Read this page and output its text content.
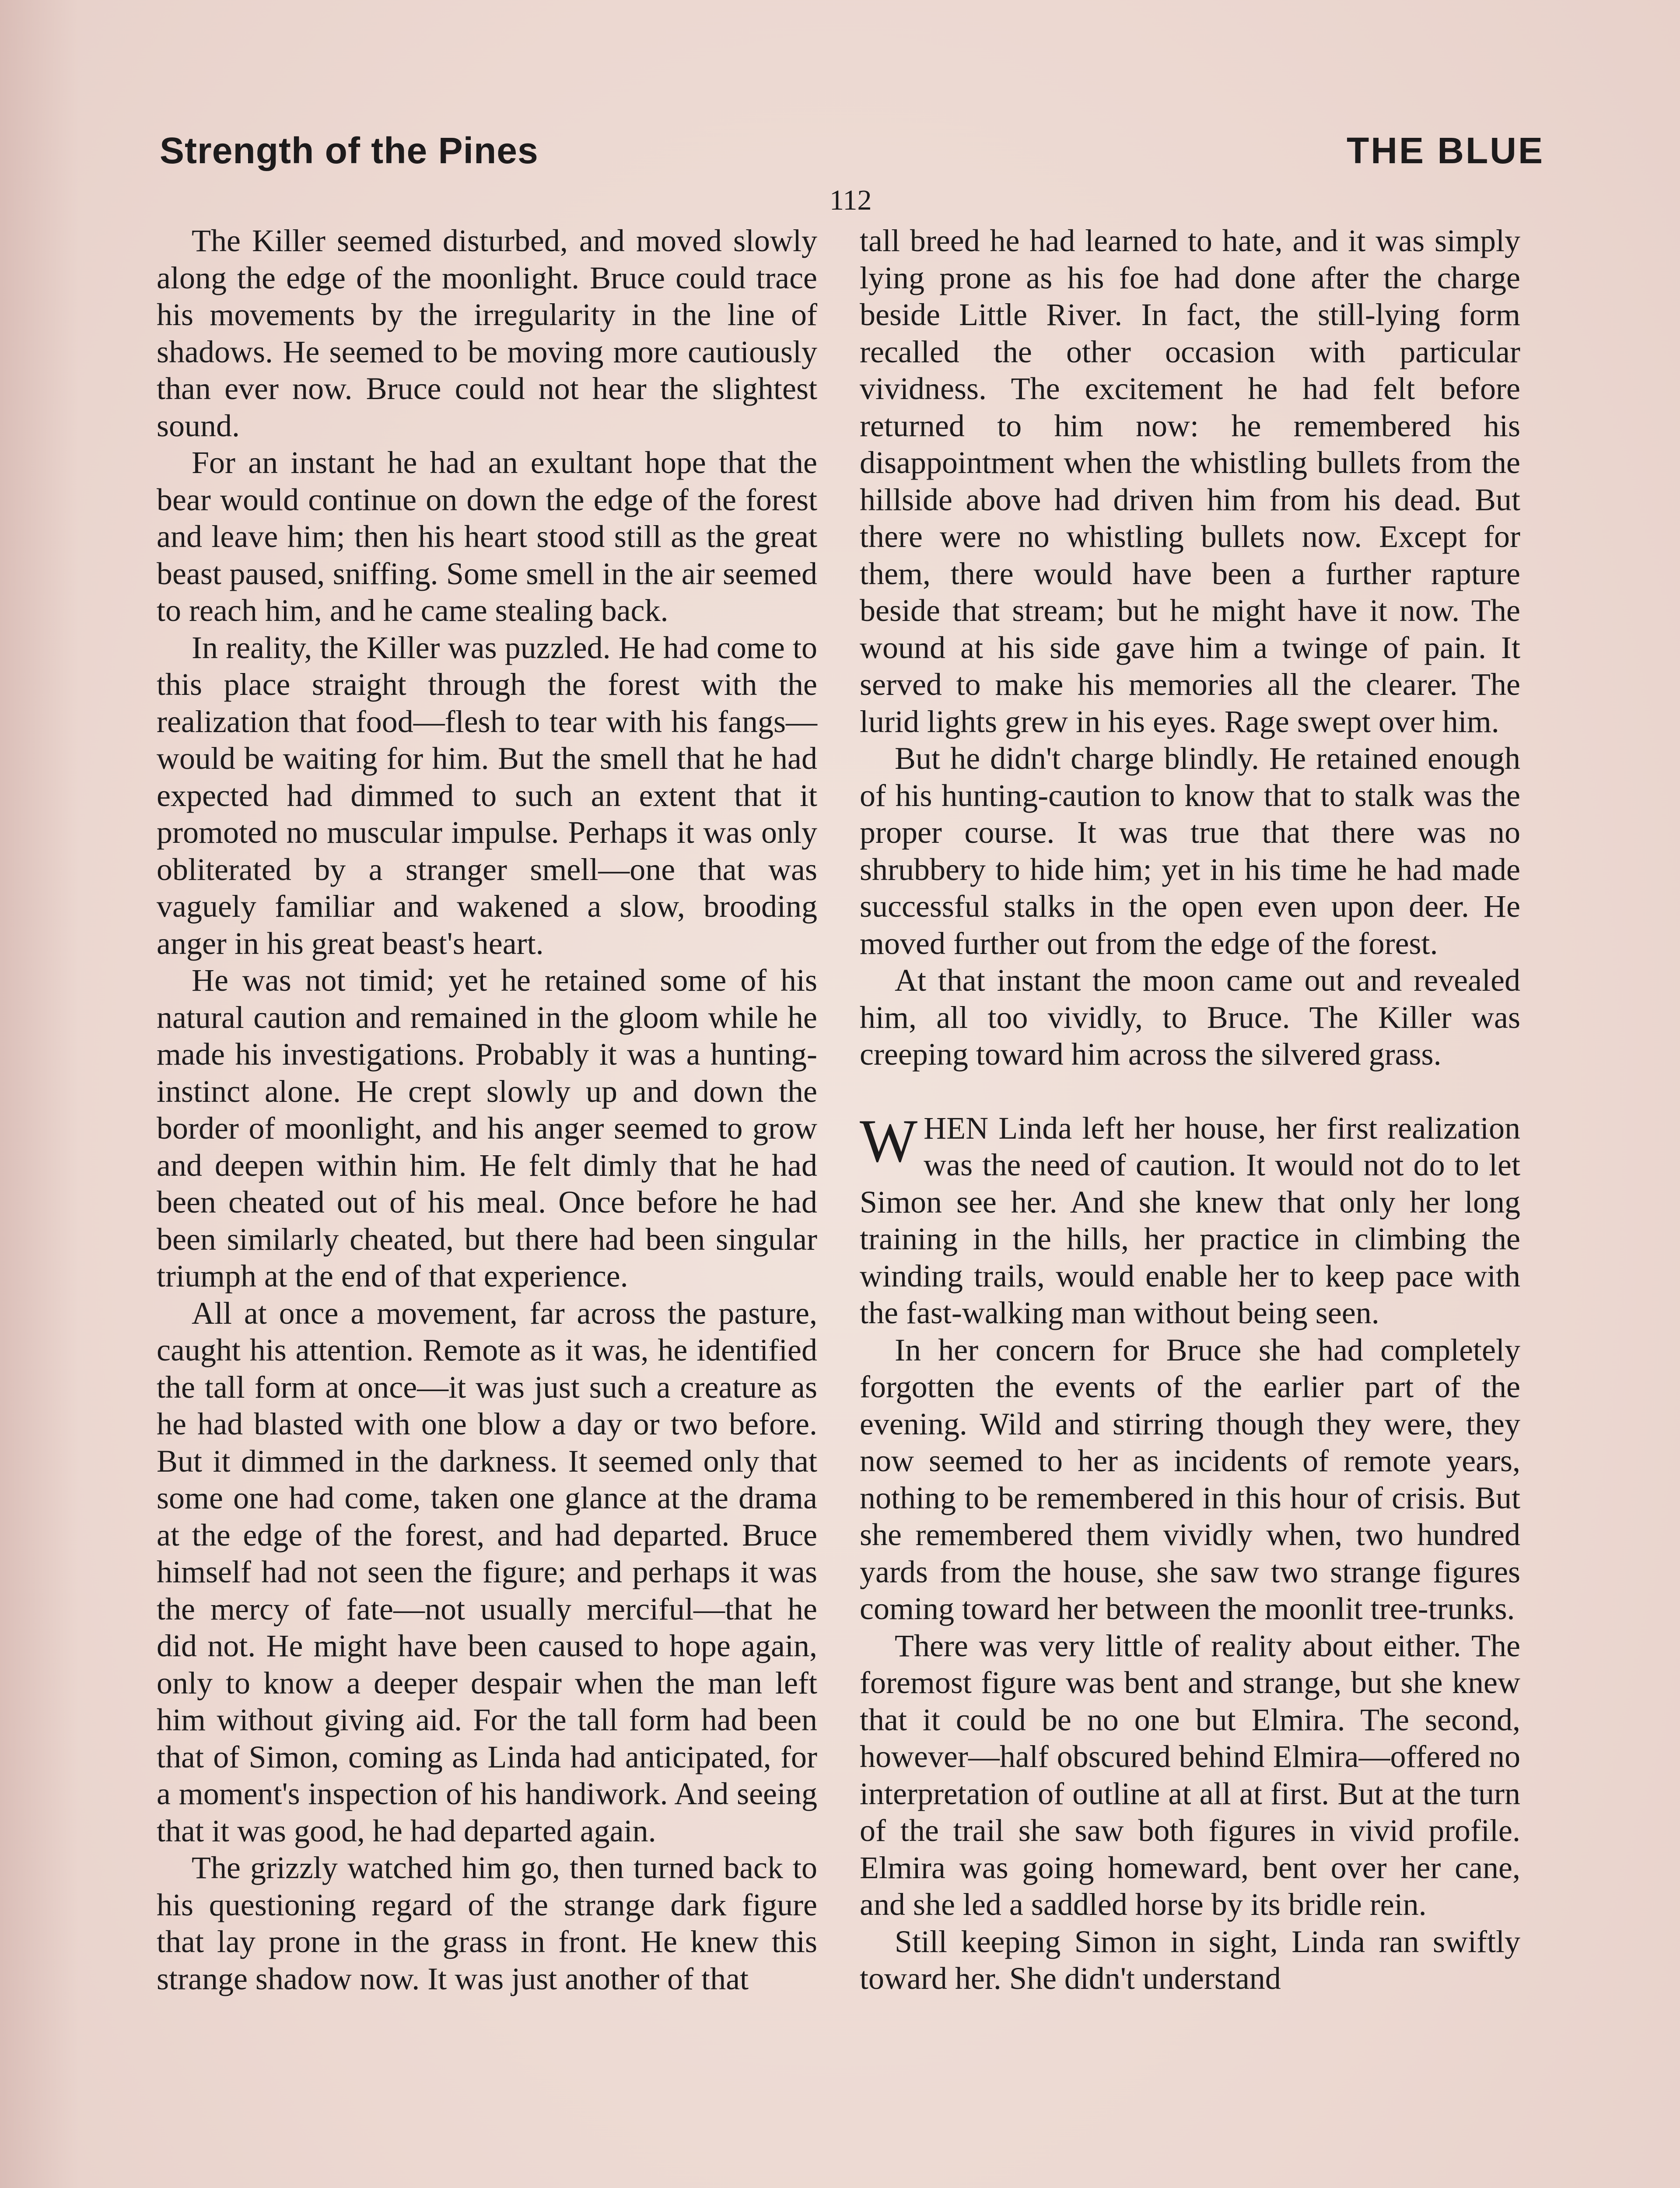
Strength of the Pines	THE BLUE
112

The Killer seemed disturbed, and moved slowly along the edge of the moonlight. Bruce could trace his movements by the irregularity in the line of shadows. He seemed to be moving more cautiously than ever now. Bruce could not hear the slightest sound.

For an instant he had an exultant hope that the bear would continue on down the edge of the forest and leave him; then his heart stood still as the great beast paused, sniffing. Some smell in the air seemed to reach him, and he came stealing back.

In reality, the Killer was puzzled. He had come to this place straight through the forest with the realization that food—flesh to tear with his fangs—would be waiting for him. But the smell that he had expected had dimmed to such an extent that it promoted no muscular impulse. Perhaps it was only obliterated by a stranger smell—one that was vaguely familiar and wakened a slow, brooding anger in his great beast's heart.

He was not timid; yet he retained some of his natural caution and remained in the gloom while he made his investigations. Probably it was a hunting-instinct alone. He crept slowly up and down the border of moonlight, and his anger seemed to grow and deepen within him. He felt dimly that he had been cheated out of his meal. Once before he had been similarly cheated, but there had been singular triumph at the end of that experience.

All at once a movement, far across the pasture, caught his attention. Remote as it was, he identified the tall form at once—it was just such a creature as he had blasted with one blow a day or two before. But it dimmed in the darkness. It seemed only that some one had come, taken one glance at the drama at the edge of the forest, and had departed. Bruce himself had not seen the figure; and perhaps it was the mercy of fate—not usually merciful—that he did not. He might have been caused to hope again, only to know a deeper despair when the man left him without giving aid. For the tall form had been that of Simon, coming as Linda had anticipated, for a moment's inspection of his handiwork. And seeing that it was good, he had departed again.

The grizzly watched him go, then turned back to his questioning regard of the strange dark figure that lay prone in the grass in front. He knew this strange shadow now. It was just another of that

tall breed he had learned to hate, and it was simply lying prone as his foe had done after the charge beside Little River. In fact, the still-lying form recalled the other occasion with particular vividness. The excitement he had felt before returned to him now: he remembered his disappointment when the whistling bullets from the hillside above had driven him from his dead. But there were no whistling bullets now. Except for them, there would have been a further rapture beside that stream; but he might have it now. The wound at his side gave him a twinge of pain. It served to make his memories all the clearer. The lurid lights grew in his eyes. Rage swept over him.

But he didn't charge blindly. He retained enough of his hunting-caution to know that to stalk was the proper course. It was true that there was no shrubbery to hide him; yet in his time he had made successful stalks in the open even upon deer. He moved further out from the edge of the forest.

At that instant the moon came out and revealed him, all too vividly, to Bruce. The Killer was creeping toward him across the silvered grass.

WHEN Linda left her house, her first realization was the need of caution. It would not do to let Simon see her. And she knew that only her long training in the hills, her practice in climbing the winding trails, would enable her to keep pace with the fast-walking man without being seen.

In her concern for Bruce she had completely forgotten the events of the earlier part of the evening. Wild and stirring though they were, they now seemed to her as incidents of remote years, nothing to be remembered in this hour of crisis. But she remembered them vividly when, two hundred yards from the house, she saw two strange figures coming toward her between the moonlit tree-trunks.

There was very little of reality about either. The foremost figure was bent and strange, but she knew that it could be no one but Elmira. The second, however—half obscured behind Elmira—offered no interpretation of outline at all at first. But at the turn of the trail she saw both figures in vivid profile. Elmira was going homeward, bent over her cane, and she led a saddled horse by its bridle rein.

Still keeping Simon in sight, Linda ran swiftly toward her. She didn't understand
